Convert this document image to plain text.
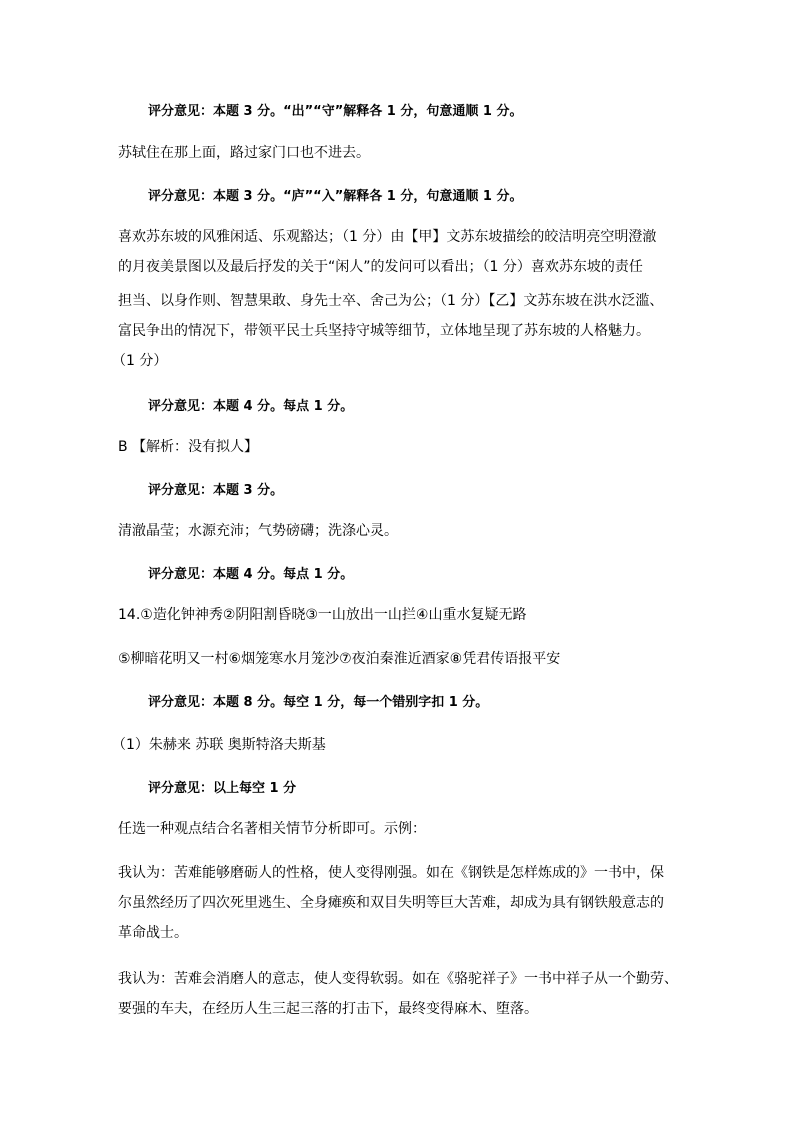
评分意见：本题 3 分。“出”“守”解释各 1 分，句意通顺 1 分。
苏轼住在那上面，路过家门口也不进去。
评分意见：本题 3 分。“庐”“入”解释各 1 分，句意通顺 1 分。
喜欢苏东坡的风雅闲适、乐观豁达；（1 分）由【甲】文苏东坡描绘的皎洁明亮空明澄澈
的月夜美景图以及最后抒发的关于“闲人”的发问可以看出；（1 分）喜欢苏东坡的责任
担当、以身作则、智慧果敢、身先士卒、舍己为公；（1 分）【乙】文苏东坡在洪水泛滥、
富民争出的情况下，带领平民士兵坚持守城等细节，立体地呈现了苏东坡的人格魅力。
（1 分）
评分意见：本题 4 分。每点 1 分。
B 【解析：没有拟人】
评分意见：本题 3 分。
清澈晶莹；水源充沛；气势磅礴；洗涤心灵。
评分意见：本题 4 分。每点 1 分。
14.①造化钟神秀②阴阳割昏晓③一山放出一山拦④山重水复疑无路
⑤柳暗花明又一村⑥烟笼寒水月笼沙⑦夜泊秦淮近酒家⑧凭君传语报平安
评分意见：本题 8 分。每空 1 分，每一个错别字扣 1 分。
（1）朱赫来 苏联 奥斯特洛夫斯基
评分意见：以上每空 1 分
任选一种观点结合名著相关情节分析即可。示例：
我认为：苦难能够磨砺人的性格，使人变得刚强。如在《钢铁是怎样炼成的》一书中，保
尔虽然经历了四次死里逃生、全身瘫痪和双目失明等巨大苦难，却成为具有钢铁般意志的
革命战士。
我认为：苦难会消磨人的意志，使人变得软弱。如在《骆驼祥子》一书中祥子从一个勤劳、
要强的车夫，在经历人生三起三落的打击下，最终变得麻木、堕落。
